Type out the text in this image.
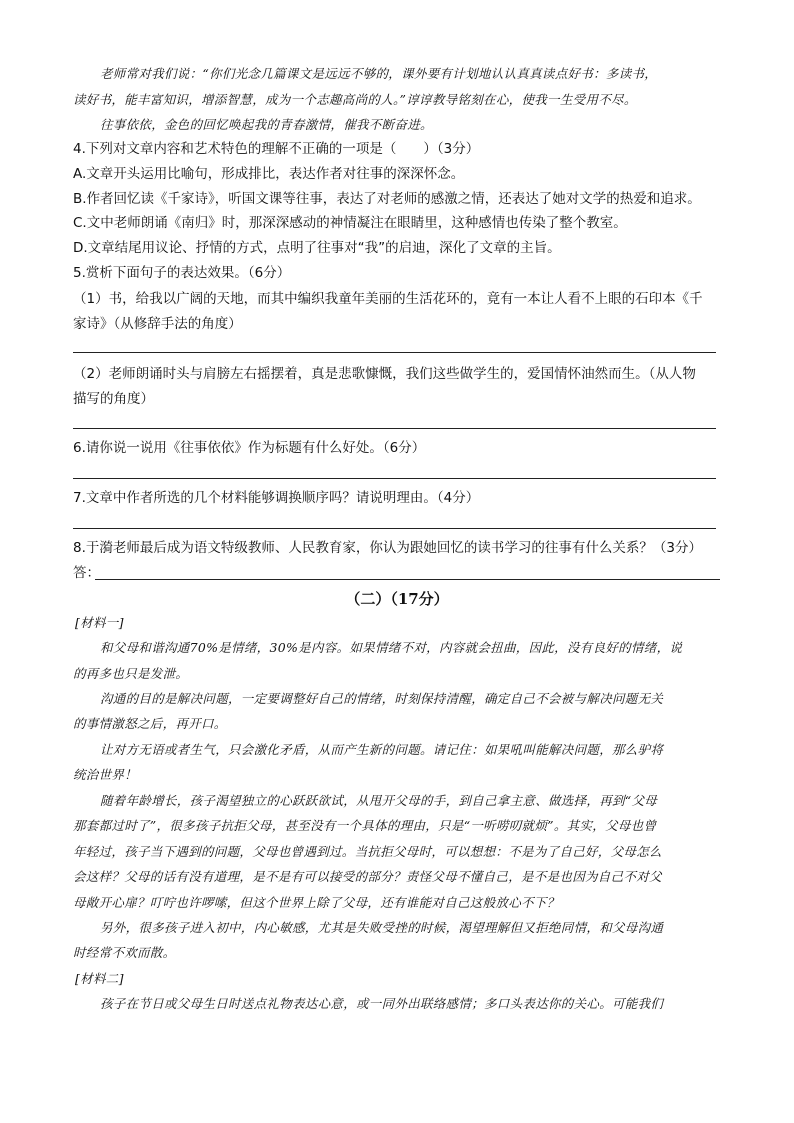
老师常对我们说：“你们光念几篇课文是远远不够的，课外要有计划地认认真真读点好书：多读书，
读好书，能丰富知识，增添智慧，成为一个志趣高尚的人。”谆谆教导铭刻在心，使我一生受用不尽。
往事依依，金色的回忆唤起我的青春激情，催我不断奋进。
4.下列对文章内容和艺术特色的理解不正确的一项是（　　）（3分）
A.文章开头运用比喻句，形成排比，表达作者对往事的深深怀念。
B.作者回忆读《千家诗》，听国文课等往事，表达了对老师的感激之情，还表达了她对文学的热爱和追求。
C.文中老师朗诵《南归》时，那深深感动的神情凝注在眼睛里，这种感情也传染了整个教室。
D.文章结尾用议论、抒情的方式，点明了往事对“我”的启迪，深化了文章的主旨。
5.赏析下面句子的表达效果。（6分）
（1）书，给我以广阔的天地，而其中编织我童年美丽的生活花环的，竟有一本让人看不上眼的石印本《千
家诗》（从修辞手法的角度）
（2）老师朗诵时头与肩膀左右摇摆着，真是悲歌慷慨，我们这些做学生的，爱国情怀油然而生。（从人物
描写的角度）
6.请你说一说用《往事依依》作为标题有什么好处。（6分）
7.文章中作者所选的几个材料能够调换顺序吗？请说明理由。（4分）
8.于漪老师最后成为语文特级教师、人民教育家，你认为跟她回忆的读书学习的往事有什么关系？（3分）
答：
（二）（17分）
[材料一]
和父母和谐沟通70%是情绪，30%是内容。如果情绪不对，内容就会扭曲，因此，没有良好的情绪，说
的再多也只是发泄。
沟通的目的是解决问题，一定要调整好自己的情绪，时刻保持清醒，确定自己不会被与解决问题无关
的事情激怒之后，再开口。
让对方无语或者生气，只会激化矛盾，从而产生新的问题。请记住：如果吼叫能解决问题，那么驴将
统治世界！
随着年龄增长，孩子渴望独立的心跃跃欲试，从甩开父母的手，到自己拿主意、做选择，再到“父母
那套都过时了”，很多孩子抗拒父母，甚至没有一个具体的理由，只是“一听唠叨就烦”。其实，父母也曾
年轻过，孩子当下遇到的问题，父母也曾遇到过。当抗拒父母时，可以想想：不是为了自己好，父母怎么
会这样？父母的话有没有道理，是不是有可以接受的部分？责怪父母不懂自己，是不是也因为自己不对父
母敞开心扉？叮咛也许啰嗦，但这个世界上除了父母，还有谁能对自己这般放心不下？
另外，很多孩子进入初中，内心敏感，尤其是失败受挫的时候，渴望理解但又拒绝同情，和父母沟通
时经常不欢而散。
[材料二]
孩子在节日或父母生日时送点礼物表达心意，或一同外出联络感情；多口头表达你的关心。可能我们
